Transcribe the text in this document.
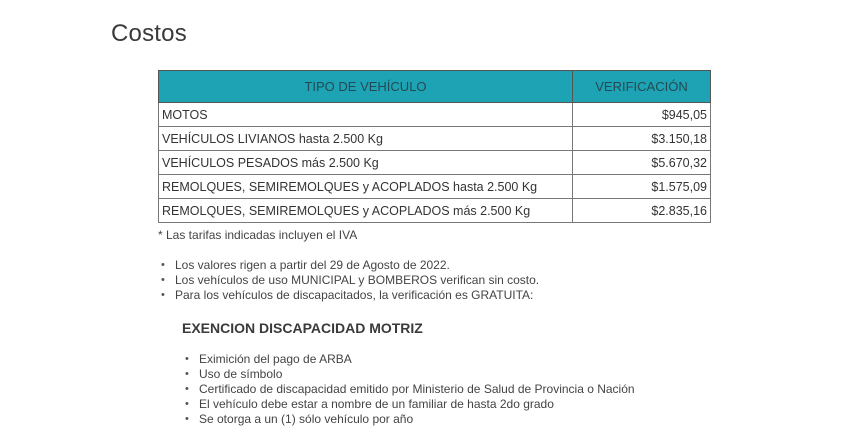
Costos
TIPO DE VEHÍCULO	VERIFICACIÓN
MOTOS	$945,05
VEHÍCULOS LIVIANOS hasta 2.500 Kg	$3.150,18
VEHÍCULOS PESADOS más 2.500 Kg	$5.670,32
REMOLQUES, SEMIREMOLQUES y ACOPLADOS hasta 2.500 Kg	$1.575,09
REMOLQUES, SEMIREMOLQUES y ACOPLADOS más 2.500 Kg	$2.835,16
* Las tarifas indicadas incluyen el IVA
• Los valores rigen a partir del 29 de Agosto de 2022.
• Los vehículos de uso MUNICIPAL y BOMBEROS verifican sin costo.
• Para los vehículos de discapacitados, la verificación es GRATUITA:
EXENCION DISCAPACIDAD MOTRIZ
• Eximición del pago de ARBA
• Uso de símbolo
• Certificado de discapacidad emitido por Ministerio de Salud de Provincia o Nación
• El vehículo debe estar a nombre de un familiar de hasta 2do grado
• Se otorga a un (1) sólo vehículo por año
